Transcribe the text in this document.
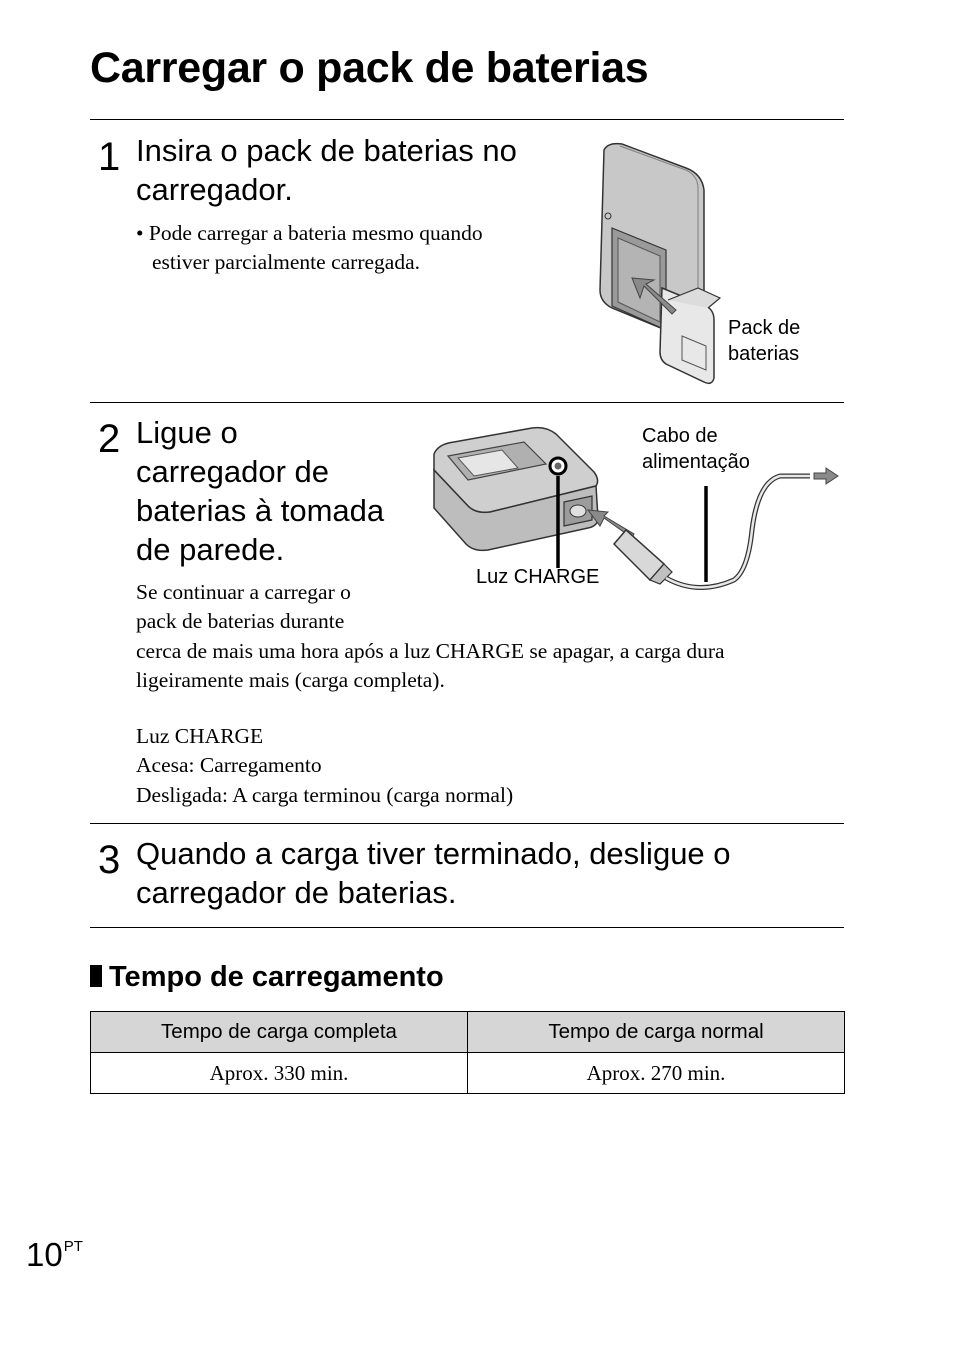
Carregar o pack de baterias
1 Insira o pack de baterias no
carregador.
• Pode carregar a bateria mesmo quando
estiver parcialmente carregada.
Pack de
baterias
2 Ligue o
carregador de
baterias à tomada
de parede.
Se continuar a carregar o
pack de baterias durante
cerca de mais uma hora após a luz CHARGE se apagar, a carga dura
ligeiramente mais (carga completa).
Luz CHARGE
Acesa: Carregamento
Desligada: A carga terminou (carga normal)
Cabo de
alimentação
Luz CHARGE
3 Quando a carga tiver terminado, desligue o
carregador de baterias.
Tempo de carregamento
Tempo de carga completa	Tempo de carga normal
Aprox. 330 min.	Aprox. 270 min.
$10^{PT}$
